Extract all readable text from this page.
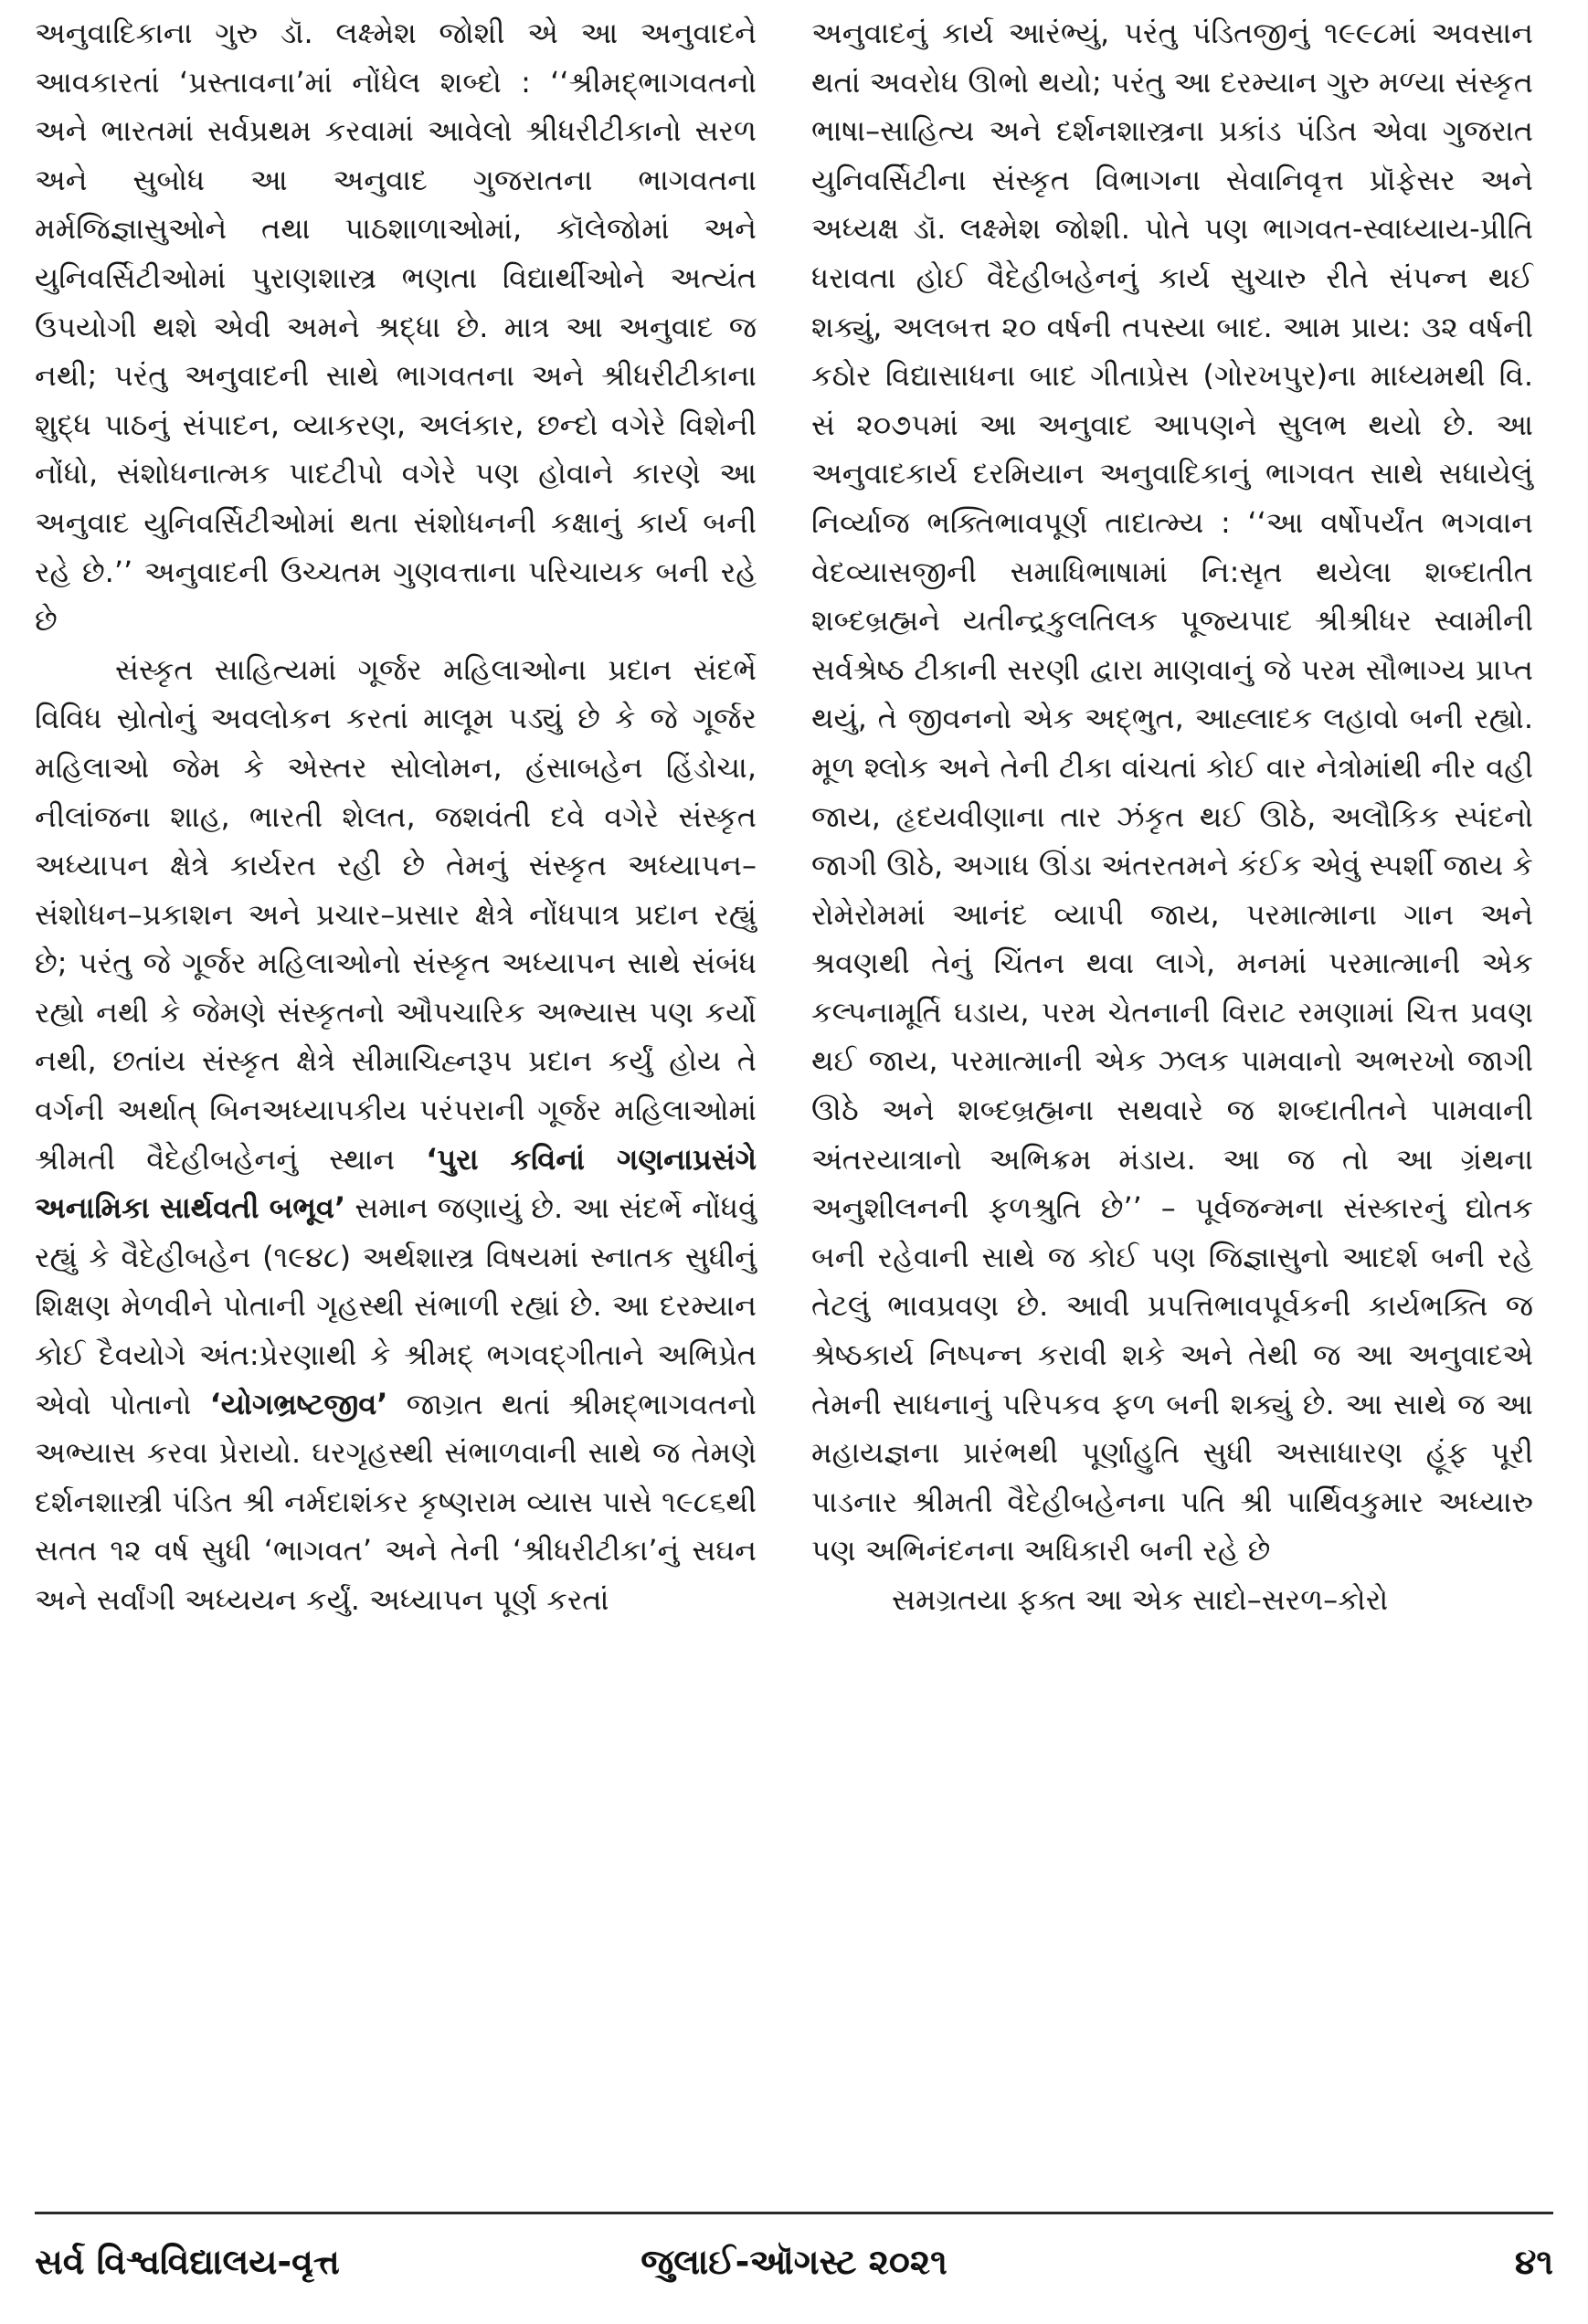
અનુવાદિકાના ગુરુ ડૉ. લક્ષ્મેશ જોશી એ આ અનુવાદને આવકારતાં ‘પ્રસ્તાવના’માં નોંધેલ શબ્દો : ‘‘શ્રીમદ્ભાગવતનો અને ભારતમાં સર્વપ્રથમ કરવામાં આવેલો શ્રીધરીટીકાનો સરળ અને સુબોધ આ અનુવાદ ગુજરાતના ભાગવતના મર્મજિજ્ઞાસુઓને તથા પાઠશાળાઓમાં, કૉલેજોમાં અને યુનિવર્સિટીઓમાં પુરાણશાસ્ત્ર ભણતા વિદ્યાર્થીઓને અત્યંત ઉપયોગી થશે એવી અમને શ્રદ્ધા છે. માત્ર આ અનુવાદ જ નથી; પરંતુ અનુવાદની સાથે ભાગવતના અને શ્રીધરીટીકાના શુદ્ધ પાઠનું સંપાદન, વ્યાકરણ, અલંકાર, છન્દો વગેરે વિશેની નોંધો, સંશોધનાત્મક પાદટીપો વગેરે પણ હોવાને કારણે આ અનુવાદ યુનિવર્સિટીઓમાં થતા સંશોધનની કક્ષાનું કાર્ય બની રહે છે.’’ અનુવાદની ઉચ્ચતમ ગુણવત્તાના પરિચાયક બની રહે છે

સંસ્કૃત સાહિત્યમાં ગૂર્જર મહિલાઓના પ્રદાન સંદર્ભે વિવિધ સ્રોતોનું અવલોકન કરતાં માલૂમ પડ્યું છે કે જે ગૂર્જર મહિલાઓ જેમ કે એસ્તર સોલોમન, હંસાબહેન હિંડોચા, નીલાંજના શાહ, ભારતી શેલત, જશવંતી દવે વગેરે સંસ્કૃત અધ્યાપન ક્ષેત્રે કાર્યરત રહી છે તેમનું સંસ્કૃત અધ્યાપન–સંશોધન–પ્રકાશન અને પ્રચાર–પ્રસાર ક્ષેત્રે નોંધપાત્ર પ્રદાન રહ્યું છે; પરંતુ જે ગૂર્જર મહિલાઓનો સંસ્કૃત અધ્યાપન સાથે સંબંધ રહ્યો નથી કે જેમણે સંસ્કૃતનો ઔપચારિક અભ્યાસ પણ કર્યો નથી, છતાંય સંસ્કૃત ક્ષેત્રે સીમાચિહ્નરૂપ પ્રદાન કર્યું હોય તે વર્ગની અર્થાત્ બિનઅધ્યાપકીય પરંપરાની ગૂર્જર મહિલાઓમાં શ્રીમતી વૈદેહીબહેનનું સ્થાન ‘પુરા કવિનાં ગણનાપ્રસંગે અનામિકા સાર્થવતી બભૂવ’ સમાન જણાયું છે. આ સંદર્ભે નોંધવું રહ્યું કે વૈદેહીબહેન (૧૯૪૮) અર્થશાસ્ત્ર વિષયમાં સ્નાતક સુધીનું શિક્ષણ મેળવીને પોતાની ગૃહસ્થી સંભાળી રહ્યાં છે. આ દરમ્યાન કોઈ દૈવયોગે અંત:પ્રેરણાથી કે શ્રીમદ્ ભગવદ્ગીતાને અભિપ્રેત એવો પોતાનો ‘યોગભ્રષ્ટજીવ’ જાગ્રત થતાં શ્રીમદ્ભાગવતનો અભ્યાસ કરવા પ્રેરાયો. ઘરગૃહસ્થી સંભાળવાની સાથે જ તેમણે દર્શનશાસ્ત્રી પંડિત શ્રી નર્મદાશંકર કૃષ્ણરામ વ્યાસ પાસે ૧૯૮૬થી સતત ૧૨ વર્ષ સુધી ‘ભાગવત’ અને તેની ‘શ્રીધરીટીકા’નું સઘન અને સર્વાંગી અધ્યયન કર્યું. અધ્યાપન પૂર્ણ કરતાં

અનુવાદનું કાર્ય આરંભ્યું, પરંતુ પંડિતજીનું ૧૯૯૮માં અવસાન થતાં અવરોધ ઊભો થયો; પરંતુ આ દરમ્યાન ગુરુ મળ્યા સંસ્કૃત ભાષા–સાહિત્ય અને દર્શનશાસ્ત્રના પ્રકાંડ પંડિત એવા ગુજરાત યુનિવર્સિટીના સંસ્કૃત વિભાગના સેવાનિવૃત્ત પ્રૉફેસર અને અધ્યક્ષ ડૉ. લક્ષ્મેશ જોશી. પોતે પણ ભાગવત-સ્વાધ્યાય-પ્રીતિ ધરાવતા હોઈ વૈદેહીબહેનનું કાર્ય સુચારુ રીતે સંપન્ન થઈ શક્યું, અલબત્ત ૨૦ વર્ષની તપસ્યા બાદ. આમ પ્રાય: ૩૨ વર્ષની કઠોર વિદ્યાસાધના બાદ ગીતાપ્રેસ (ગોરખપુર)ના માધ્યમથી વિ. સં ૨૦૭૫માં આ અનુવાદ આપણને સુલભ થયો છે. આ અનુવાદકાર્ય દરમિયાન અનુવાદિકાનું ભાગવત સાથે સધાયેલું નિર્વ્યાજ ભક્તિભાવપૂર્ણ તાદાત્મ્ય : ‘‘આ વર્ષોપર્યંત ભગવાન વેદવ્યાસજીની સમાધિભાષામાં નિ:સૃત થયેલા શબ્દાતીત શબ્દબ્રહ્મને યતીન્દ્રકુલતિલક પૂજ્યપાદ શ્રીશ્રીધર સ્વામીની સર્વશ્રેષ્ઠ ટીકાની સરણી દ્વારા માણવાનું જે પરમ સૌભાગ્ય પ્રાપ્ત થયું, તે જીવનનો એક અદ્ભુત, આહ્લાદક લહાવો બની રહ્યો. મૂળ શ્લોક અને તેની ટીકા વાંચતાં કોઈ વાર નેત્રોમાંથી નીર વહી જાય, હૃદયવીણાના તાર ઝંકૃત થઈ ઊઠે, અલૌકિક સ્પંદનો જાગી ઊઠે, અગાધ ઊંડા અંતરતમને કંઈક એવું સ્પર્શી જાય કે રોમેરોમમાં આનંદ વ્યાપી જાય, પરમાત્માના ગાન અને શ્રવણથી તેનું ચિંતન થવા લાગે, મનમાં પરમાત્માની એક કલ્પનામૂર્તિ ઘડાય, પરમ ચેતનાની વિરાટ રમણામાં ચિત્ત પ્રવણ થઈ જાય, પરમાત્માની એક ઝલક પામવાનો અભરખો જાગી ઊઠે અને શબ્દબ્રહ્મના સથવારે જ શબ્દાતીતને પામવાની અંતરયાત્રાનો અભિક્રમ મંડાય. આ જ તો આ ગ્રંથના અનુશીલનની ફળશ્રુતિ છે’’ – પૂર્વજન્મના સંસ્કારનું દ્યોતક બની રહેવાની સાથે જ કોઈ પણ જિજ્ઞાસુનો આદર્શ બની રહે તેટલું ભાવપ્રવણ છે. આવી પ્રપત્તિભાવપૂર્વકની કાર્યભક્તિ જ શ્રેષ્ઠકાર્ય નિષ્પન્ન કરાવી શકે અને તેથી જ આ અનુવાદએ તેમની સાધનાનું પરિપકવ ફળ બની શક્યું છે. આ સાથે જ આ મહાયજ્ઞના પ્રારંભથી પૂર્ણાહુતિ સુધી અસાધારણ હૂંફ પૂરી પાડનાર શ્રીમતી વૈદેહીબહેનના પતિ શ્રી પાર્થિવકુમાર અધ્યારુ પણ અભિનંદનના અધિકારી બની રહે છે

સમગ્રતયા ફક્ત આ એક સાદો–સરળ–કોરો

સર્વ વિશ્વવિદ્યાલય-વૃત્ત	જુલાઈ-ઑગસ્ટ ૨૦૨૧	૪૧
